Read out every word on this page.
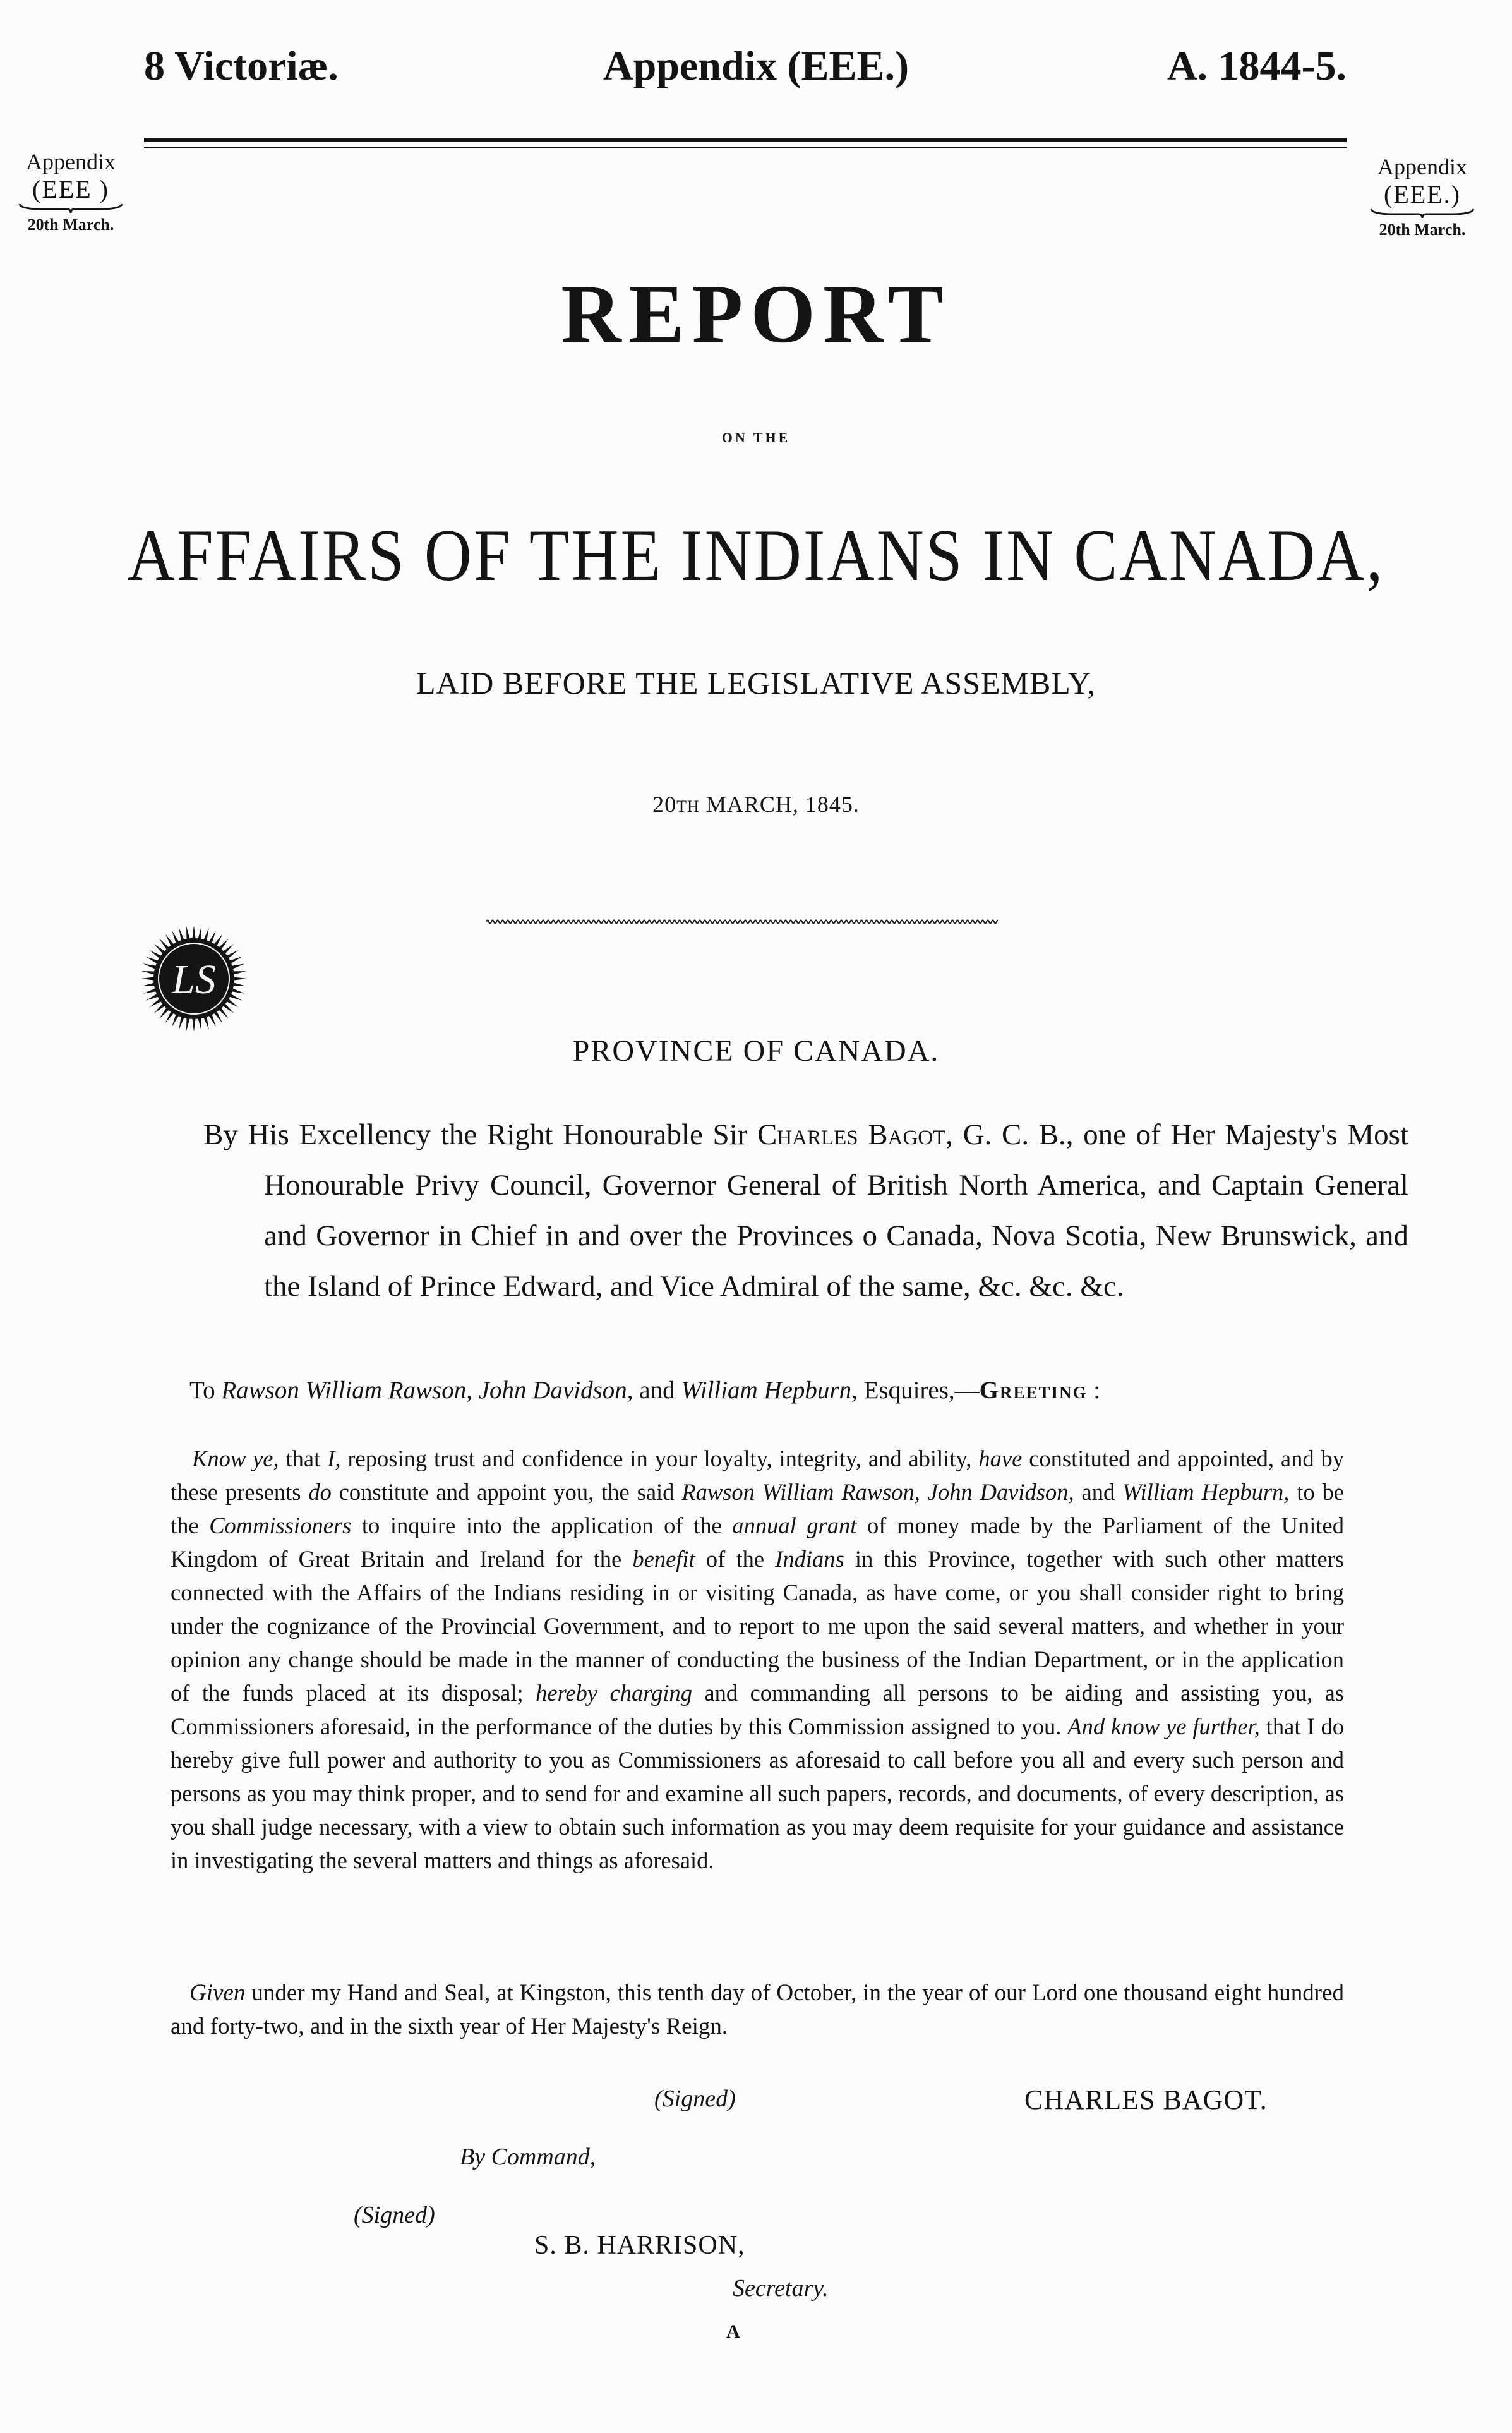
8 Victoriæ.	Appendix (EEE.)	A. 1844-5.
Appendix
(EEE )
20th March.
Appendix
(EEE.)
20th March.
REPORT
ON THE
AFFAIRS OF THE INDIANS IN CANADA,
LAID BEFORE THE LEGISLATIVE ASSEMBLY,
20TH MARCH, 1845.
LS
PROVINCE OF CANADA.
By His Excellency the Right Honourable Sir Charles Bagot, G. C. B., one of Her Majesty's Most Honourable Privy Council, Governor General of British North America, and Captain General and Governor in Chief in and over the Provinces o Canada, Nova Scotia, New Brunswick, and the Island of Prince Edward, and Vice Admiral of the same, &c. &c. &c.
To Rawson William Rawson, John Davidson, and William Hepburn, Esquires,—Greeting :
Know ye, that I, reposing trust and confidence in your loyalty, integrity, and ability, have constituted and appointed, and by these presents do constitute and appoint you, the said Rawson William Rawson, John Davidson, and William Hepburn, to be the Commissioners to inquire into the application of the annual grant of money made by the Parliament of the United Kingdom of Great Britain and Ireland for the benefit of the Indians in this Province, together with such other matters connected with the Affairs of the Indians residing in or visiting Canada, as have come, or you shall consider right to bring under the cognizance of the Provincial Government, and to report to me upon the said several matters, and whether in your opinion any change should be made in the manner of conducting the business of the Indian Department, or in the application of the funds placed at its disposal; hereby charging and commanding all persons to be aiding and assisting you, as Commissioners aforesaid, in the performance of the duties by this Commission assigned to you. And know ye further, that I do hereby give full power and authority to you as Commissioners as aforesaid to call before you all and every such person and persons as you may think proper, and to send for and examine all such papers, records, and documents, of every description, as you shall judge necessary, with a view to obtain such information as you may deem requisite for your guidance and assistance in investigating the several matters and things as aforesaid.
Given under my Hand and Seal, at Kingston, this tenth day of October, in the year of our Lord one thousand eight hundred and forty-two, and in the sixth year of Her Majesty's Reign.
(Signed)	CHARLES BAGOT.
By Command,
(Signed)
S. B. HARRISON,
Secretary.
A
